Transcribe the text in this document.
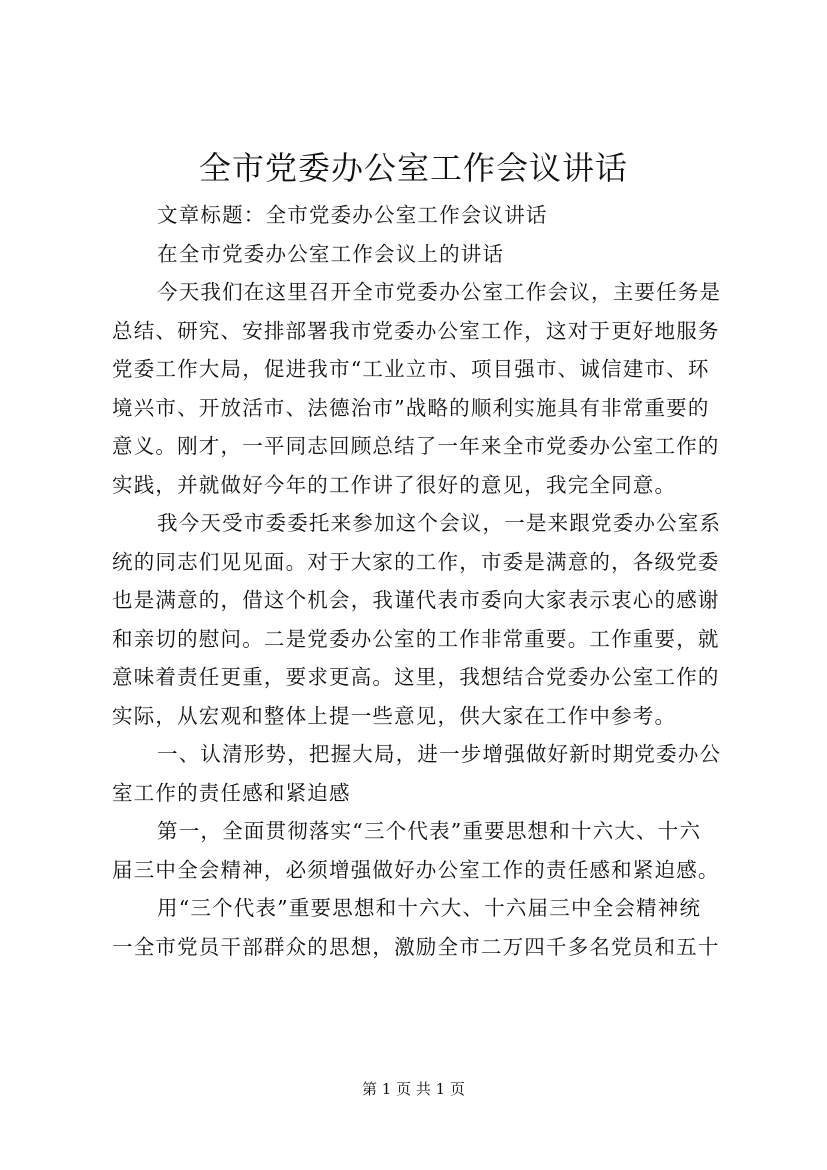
全市党委办公室工作会议讲话
文章标题：全市党委办公室工作会议讲话
在全市党委办公室工作会议上的讲话
今天我们在这里召开全市党委办公室工作会议，主要任务是
总结、研究、安排部署我市党委办公室工作，这对于更好地服务
党委工作大局，促进我市“工业立市、项目强市、诚信建市、环
境兴市、开放活市、法德治市”战略的顺利实施具有非常重要的
意义。刚才，一平同志回顾总结了一年来全市党委办公室工作的
实践，并就做好今年的工作讲了很好的意见，我完全同意。
我今天受市委委托来参加这个会议，一是来跟党委办公室系
统的同志们见见面。对于大家的工作，市委是满意的，各级党委
也是满意的，借这个机会，我谨代表市委向大家表示衷心的感谢
和亲切的慰问。二是党委办公室的工作非常重要。工作重要，就
意味着责任更重，要求更高。这里，我想结合党委办公室工作的
实际，从宏观和整体上提一些意见，供大家在工作中参考。
一、认清形势，把握大局，进一步增强做好新时期党委办公
室工作的责任感和紧迫感
第一，全面贯彻落实“三个代表”重要思想和十六大、十六
届三中全会精神，必须增强做好办公室工作的责任感和紧迫感。
用“三个代表”重要思想和十六大、十六届三中全会精神统
一全市党员干部群众的思想，激励全市二万四千多名党员和五十
第 1 页 共 1 页
